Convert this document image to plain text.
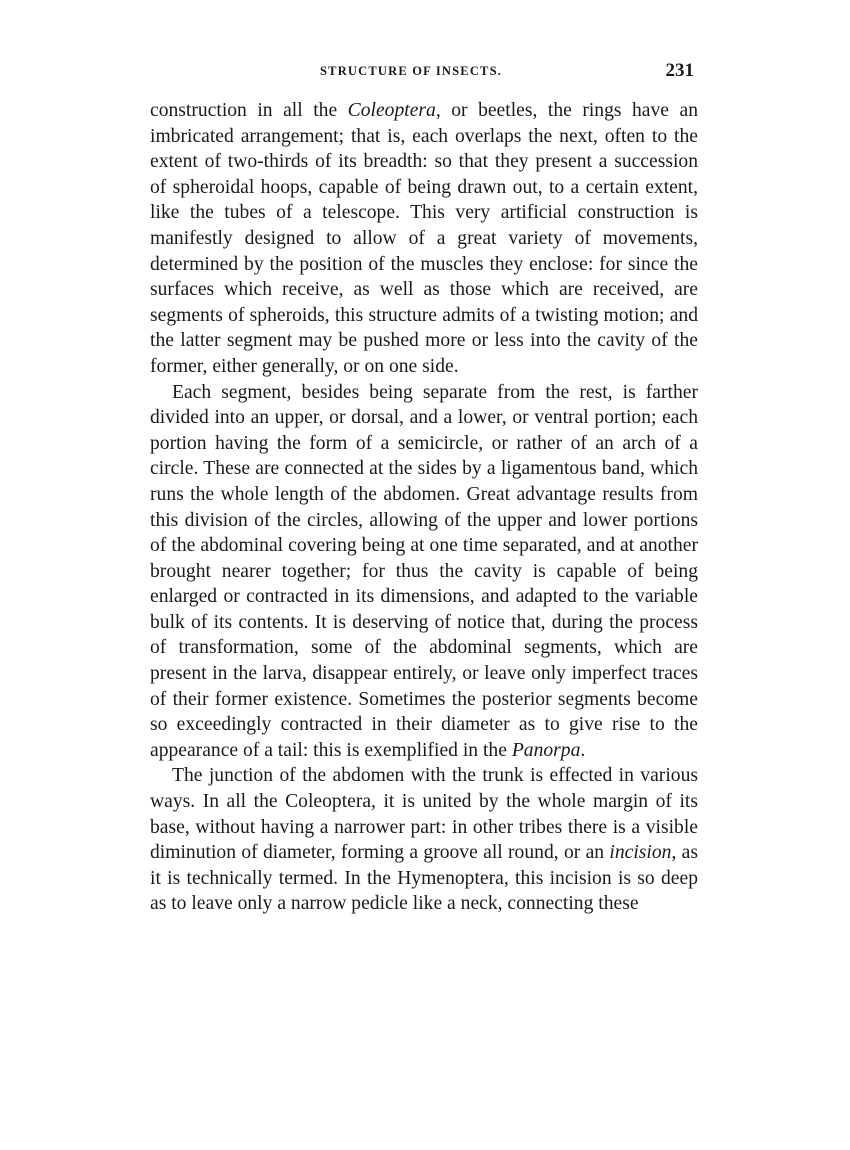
STRUCTURE OF INSECTS.	231

construction in all the Coleoptera, or beetles, the rings have an imbricated arrangement; that is, each overlaps the next, often to the extent of two-thirds of its breadth: so that they present a succession of spheroidal hoops, capable of being drawn out, to a certain extent, like the tubes of a telescope. This very artificial construction is manifestly designed to allow of a great variety of movements, determined by the position of the muscles they enclose: for since the surfaces which receive, as well as those which are received, are segments of spheroids, this structure admits of a twisting motion; and the latter segment may be pushed more or less into the cavity of the former, either generally, or on one side.

Each segment, besides being separate from the rest, is farther divided into an upper, or dorsal, and a lower, or ventral portion; each portion having the form of a semicircle, or rather of an arch of a circle. These are connected at the sides by a ligamentous band, which runs the whole length of the abdomen. Great advantage results from this division of the circles, allowing of the upper and lower portions of the abdominal covering being at one time separated, and at another brought nearer together; for thus the cavity is capable of being enlarged or contracted in its dimensions, and adapted to the variable bulk of its contents. It is deserving of notice that, during the process of transformation, some of the abdominal segments, which are present in the larva, disappear entirely, or leave only imperfect traces of their former existence. Sometimes the posterior segments become so exceedingly contracted in their diameter as to give rise to the appearance of a tail: this is exemplified in the Panorpa.

The junction of the abdomen with the trunk is effected in various ways. In all the Coleoptera, it is united by the whole margin of its base, without having a narrower part: in other tribes there is a visible diminution of diameter, forming a groove all round, or an incision, as it is technically termed. In the Hymenoptera, this incision is so deep as to leave only a narrow pedicle like a neck, connecting these
